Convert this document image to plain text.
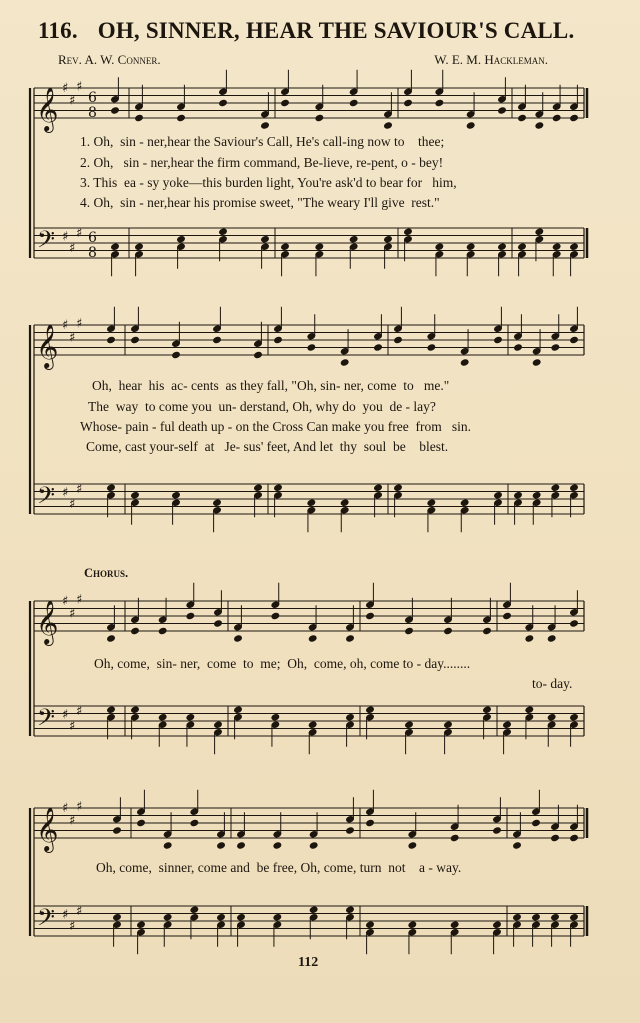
116. OH, SINNER, HEAR THE SAVIOUR'S CALL.
Rev. A. W. Conner.	W. E. M. Hackleman.
𝄞
𝄢
♯
♯
♯
♯
♯
♯
6
8
6
8
𝄞
𝄢
♯
♯
♯
♯
♯
♯
𝄞
𝄢
♯
♯
♯
♯
♯
♯
𝄞
𝄢
♯
♯
♯
♯
♯
♯
1. Oh,  sin - ner,hear the Saviour's Call, He's call-ing now to    thee;
2. Oh,   sin - ner,hear the firm command, Be-lieve, re-pent, o - bey!
3. This  ea - sy yoke—this burden light, You're ask'd to bear for   him,
4. Oh,  sin - ner,hear his promise sweet, "The weary I'll give  rest."
Oh,  hear  his  ac- cents  as they fall, "Oh, sin- ner, come  to   me."
The  way  to come you  un- derstand, Oh, why do  you  de - lay?
Whose- pain - ful death up - on the Cross Can make you free  from   sin.
Come, cast your-self  at   Je- sus' feet, And let  thy  soul  be    blest.
Chorus.
Oh, come,  sin- ner,  come  to  me;  Oh,  come, oh, come to - day........
to- day.
Oh, come,  sinner, come and  be free, Oh, come, turn  not    a - way.
112
